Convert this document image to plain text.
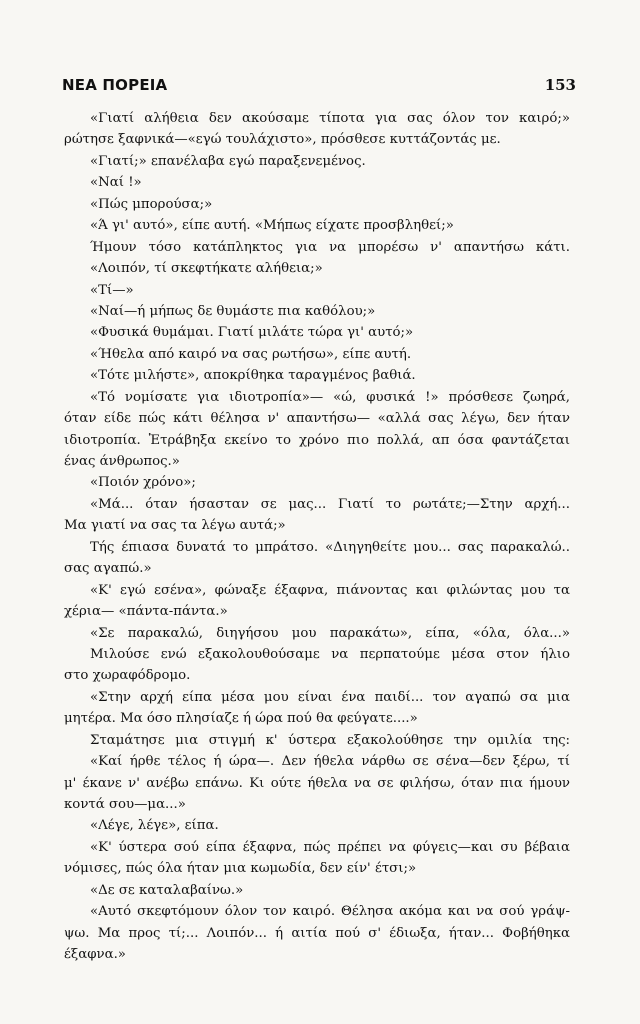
ΝΕΑ ΠΟΡΕΙΑ	153
«Γιατί αλήθεια δεν ακούσαμε τίποτα για σας όλον τον καιρό;»
ρώτησε ξαφνικά—«εγώ τουλάχιστο», πρόσθεσε κυττάζοντάς με.
«Γιατί;» επανέλαβα εγώ παραξενεμένος.
«Ναί !»
«Πώς μπορούσα;»
«Ά γι' αυτό», είπε αυτή. «Μήπως είχατε προσβληθεί;»
Ήμουν τόσο κατάπληκτος για να μπορέσω ν' απαντήσω κάτι.
«Λοιπόν, τί σκεφτήκατε αλήθεια;»
«Τί—»
«Ναί—ή μήπως δε θυμάστε πια καθόλου;»
«Φυσικά θυμάμαι. Γιατί μιλάτε τώρα γι' αυτό;»
«Ήθελα από καιρό να σας ρωτήσω», είπε αυτή.
«Τότε μιλήστε», αποκρίθηκα ταραγμένος βαθιά.
«Τό νομίσατε για ιδιοτροπία»— «ώ, φυσικά !» πρόσθεσε ζωηρά,
όταν είδε πώς κάτι θέλησα ν' απαντήσω— «αλλά σας λέγω, δεν ήταν
ιδιοτροπία. Ἐτράβηξα εκείνο το χρόνο πιο πολλά, απ όσα φαντάζεται
ένας άνθρωπος.»
«Ποιόν χρόνο»;
«Μά... όταν ήσασταν σε μας... Γιατί το ρωτάτε;—Στην αρχή...
Μα γιατί να σας τα λέγω αυτά;»
Τής έπιασα δυνατά το μπράτσο. «Διηγηθείτε μου... σας παρακαλώ..
σας αγαπώ.»
«Κ' εγώ εσένα», φώναξε έξαφνα, πιάνοντας και φιλώντας μου τα
χέρια— «πάντα-πάντα.»
«Σε παρακαλώ, διηγήσου μου παρακάτω», είπα, «όλα, όλα...»
Μιλούσε ενώ εξακολουθούσαμε να περπατούμε μέσα στον ήλιο
στο χωραφόδρομο.
«Στην αρχή είπα μέσα μου είναι ένα παιδί... τον αγαπώ σα μια
μητέρα. Μα όσο πλησίαζε ή ώρα πού θα φεύγατε....»
Σταμάτησε μια στιγμή κ' ύστερα εξακολούθησε την ομιλία της:
«Καί ήρθε τέλος ή ώρα—. Δεν ήθελα νάρθω σε σένα—δεν ξέρω, τί
μ' έκανε ν' ανέβω επάνω. Κι ούτε ήθελα να σε φιλήσω, όταν πια ήμουν
κοντά σου—μα...»
«Λέγε, λέγε», είπα.
«Κ' ύστερα σού είπα έξαφνα, πώς πρέπει να φύγεις—και συ βέβαια
νόμισες, πώς όλα ήταν μια κωμωδία, δεν είν' έτσι;»
«Δε σε καταλαβαίνω.»
«Αυτό σκεφτόμουν όλον τον καιρό. Θέλησα ακόμα και να σού γράψ-
ψω. Μα προς τί;... Λοιπόν... ή αιτία πού σ' έδιωξα, ήταν... Φοβήθηκα
έξαφνα.»
